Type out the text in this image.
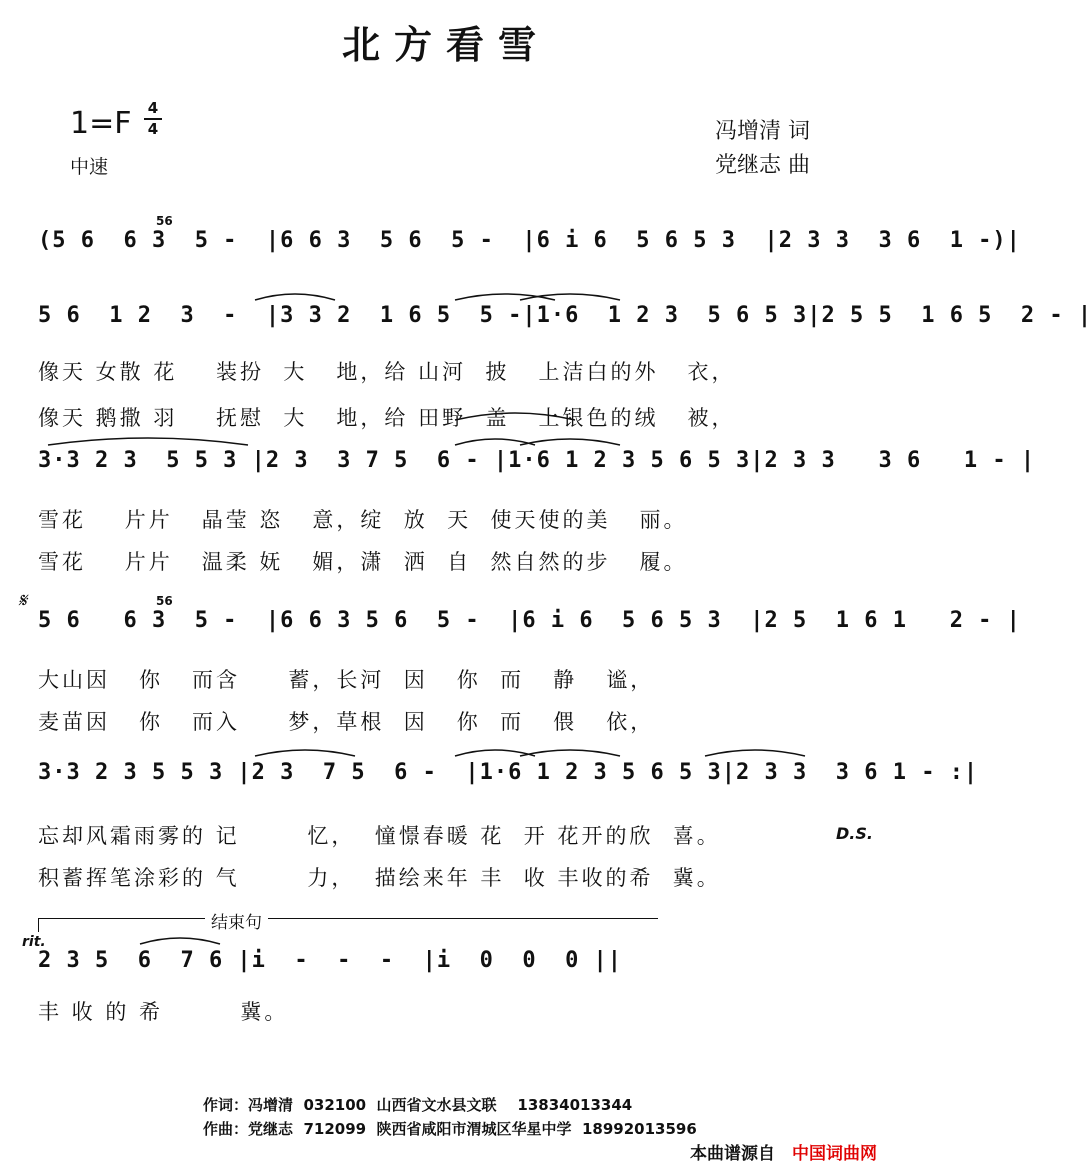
北方看雪
1=F 4
4
中速
冯增清 词
党继志 曲
(5 6  6 3  5 -  |6 6 3  5 6  5 -  |6 i 6  5 6 5 3  |2 3 3  3 6  1 -)|
56
5 6  1 2  3  -  |3 3 2  1 6 5  5 -|1·6  1 2 3  5 6 5 3|2 5 5  1 6 5  2 - |
像天 女散 花    装扮  大   地，给 山河  披   上洁白的外   衣，
像天 鹅撒 羽    抚慰  大   地，给 田野  盖   上银色的绒   被，
3·3 2 3  5 5 3 |2 3  3 7 5  6 - |1·6 1 2 3 5 6 5 3|2 3 3   3 6   1 - |
雪花    片片   晶莹 恣   意，绽  放  天  使天使的美   丽。
雪花    片片   温柔 妩   媚，潇  洒  自  然自然的步   履。
𝄋
5 6   6 3  5 -  |6 6 3 5 6  5 -  |6 i 6  5 6 5 3  |2 5  1 6 1   2 - |
56
大山因   你   而含     蓄，长河  因   你  而   静   谧，
麦苗因   你   而入     梦，草根  因   你  而   偎   依，
3·3 2 3 5 5 3 |2 3  7 5  6 -  |1·6 1 2 3 5 6 5 3|2 3 3  3 6 1 - :|
忘却风霜雨雾的 记       忆，  憧憬春暖 花  开 花开的欣  喜。	D.S.
积蓄挥笔涂彩的 气       力，  描绘来年 丰  收 丰收的希  冀。
结束句
rit.
2 3 5  6  7 6 |i  -  -  -  |i  0  0  0 ||
丰 收 的 希        冀。
作词：冯增清  032100  山西省文水县文联    13834013344
作曲：党继志  712099  陕西省咸阳市渭城区华星中学  18992013596
本曲谱源自 中国词曲网
